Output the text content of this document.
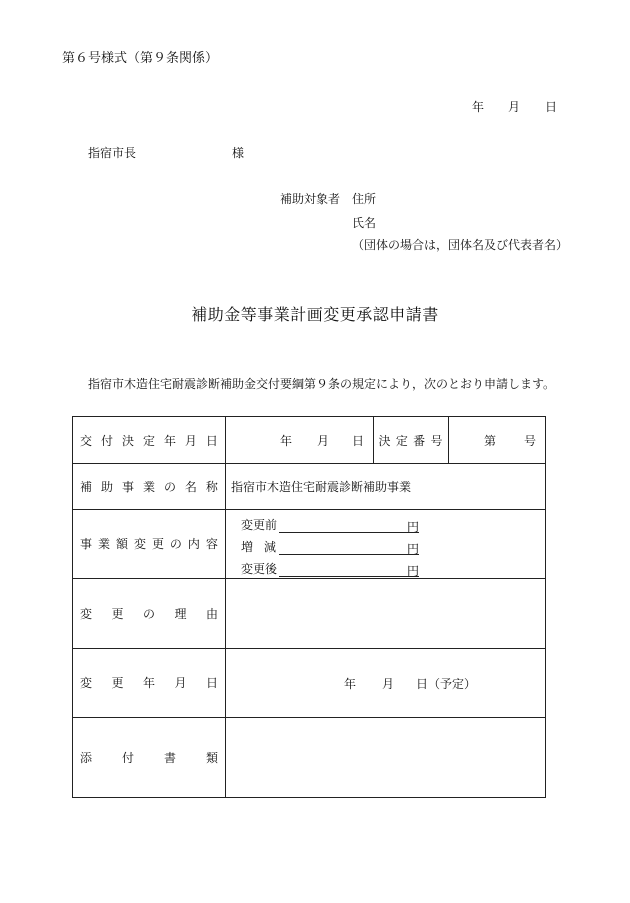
第６号様式（第９条関係）
年 月 日
指宿市長	様
補助対象者 住所
氏名
（団体の場合は，団体名及び代表者名）
補助金等事業計画変更承認申請書
指宿市木造住宅耐震診断補助金交付要綱第９条の規定により，次のとおり申請します。
交 付 決 定 年 月 日	年 月 日 決 定 番 号	第 号
補 助 事 業 の 名 称 指宿市木造住宅耐震診断補助事業
事 業 額 変 更 の 内 容
変更前	円
増 減	円
変更後	円
変 更 の 理 由
変 更 年 月 日	年 月 日（予定）
添 付 書 類
